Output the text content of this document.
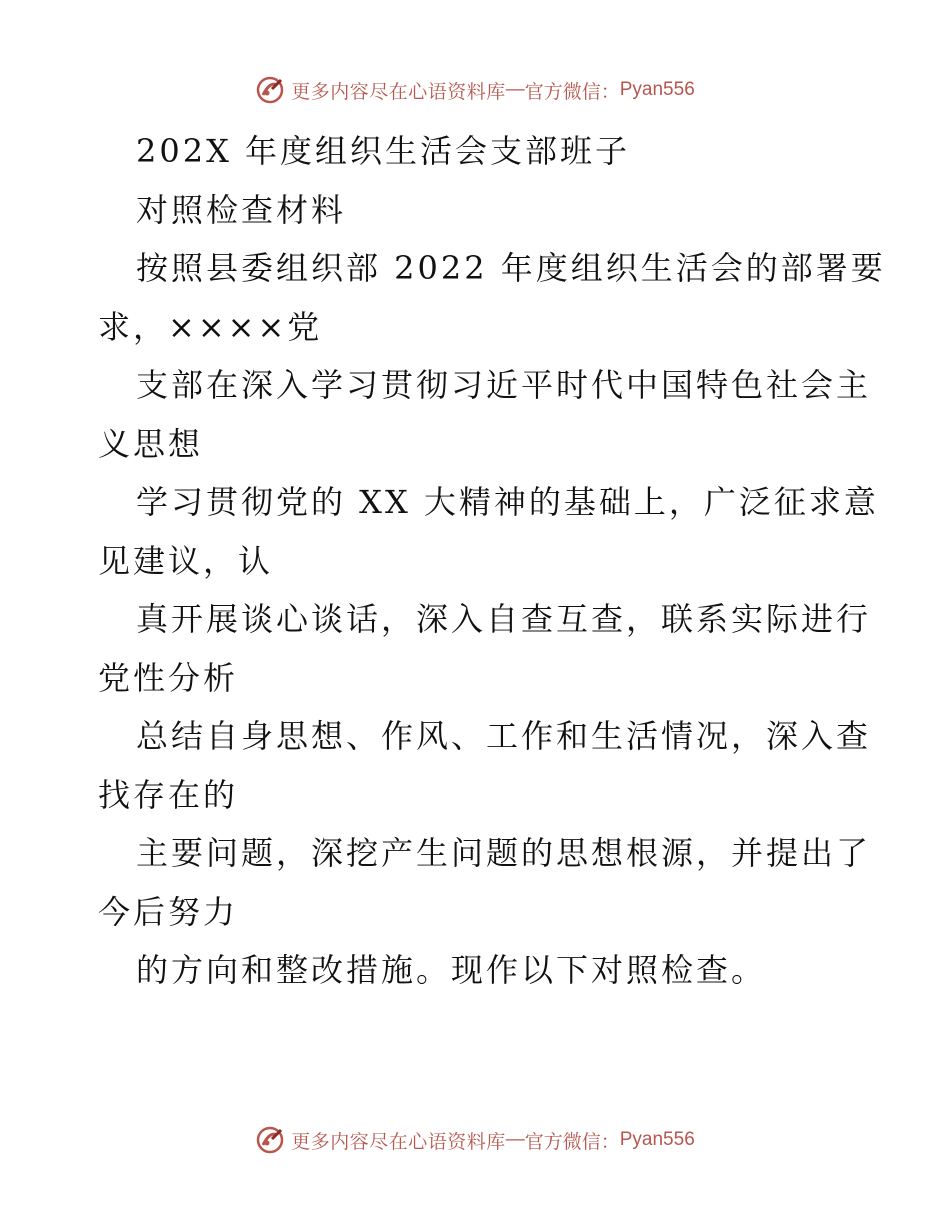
更多内容尽在心语资料库 — 官方微信： Pyan556

202X 年度组织生活会支部班子

对照检查材料

按照县委组织部 2022 年度组织生活会的部署要
求，××××党

支部在深入学习贯彻习近平时代中国特色社会主
义思想

学习贯彻党的 XX 大精神的基础上，广泛征求意
见建议，认

真开展谈心谈话，深入自查互查，联系实际进行
党性分析

总结自身思想、作风、工作和生活情况，深入查
找存在的

主要问题，深挖产生问题的思想根源，并提出了
今后努力

的方向和整改措施。现作以下对照检查。

更多内容尽在心语资料库 — 官方微信： Pyan556
